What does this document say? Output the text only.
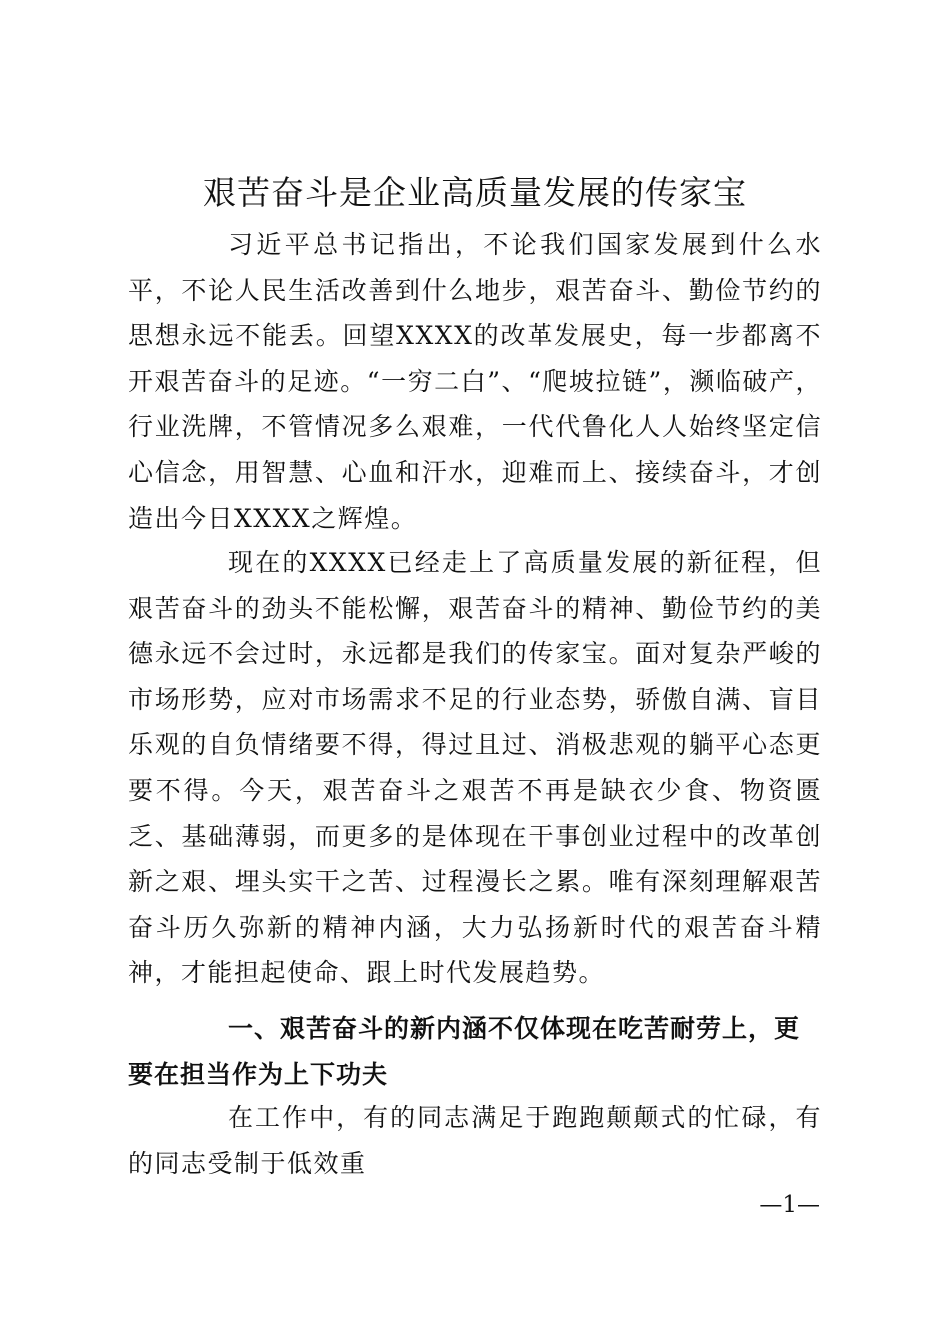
艰苦奋斗是企业高质量发展的传家宝

习近平总书记指出，不论我们国家发展到什么水平，不论人民生活改善到什么地步，艰苦奋斗、勤俭节约的思想永远不能丢。回望XXXX的改革发展史，每一步都离不开艰苦奋斗的足迹。“一穷二白”、“爬坡拉链”，濒临破产，行业洗牌，不管情况多么艰难，一代代鲁化人人始终坚定信心信念，用智慧、心血和汗水，迎难而上、接续奋斗，才创造出今日XXXX之辉煌。

现在的XXXX已经走上了高质量发展的新征程，但艰苦奋斗的劲头不能松懈，艰苦奋斗的精神、勤俭节约的美德永远不会过时，永远都是我们的传家宝。面对复杂严峻的市场形势，应对市场需求不足的行业态势，骄傲自满、盲目乐观的自负情绪要不得，得过且过、消极悲观的躺平心态更要不得。今天，艰苦奋斗之艰苦不再是缺衣少食、物资匮乏、基础薄弱，而更多的是体现在干事创业过程中的改革创新之艰、埋头实干之苦、过程漫长之累。唯有深刻理解艰苦奋斗历久弥新的精神内涵，大力弘扬新时代的艰苦奋斗精神，才能担起使命、跟上时代发展趋势。

一、艰苦奋斗的新内涵不仅体现在吃苦耐劳上，更要在担当作为上下功夫

在工作中，有的同志满足于跑跑颠颠式的忙碌，有的同志受制于低效重

—1—
